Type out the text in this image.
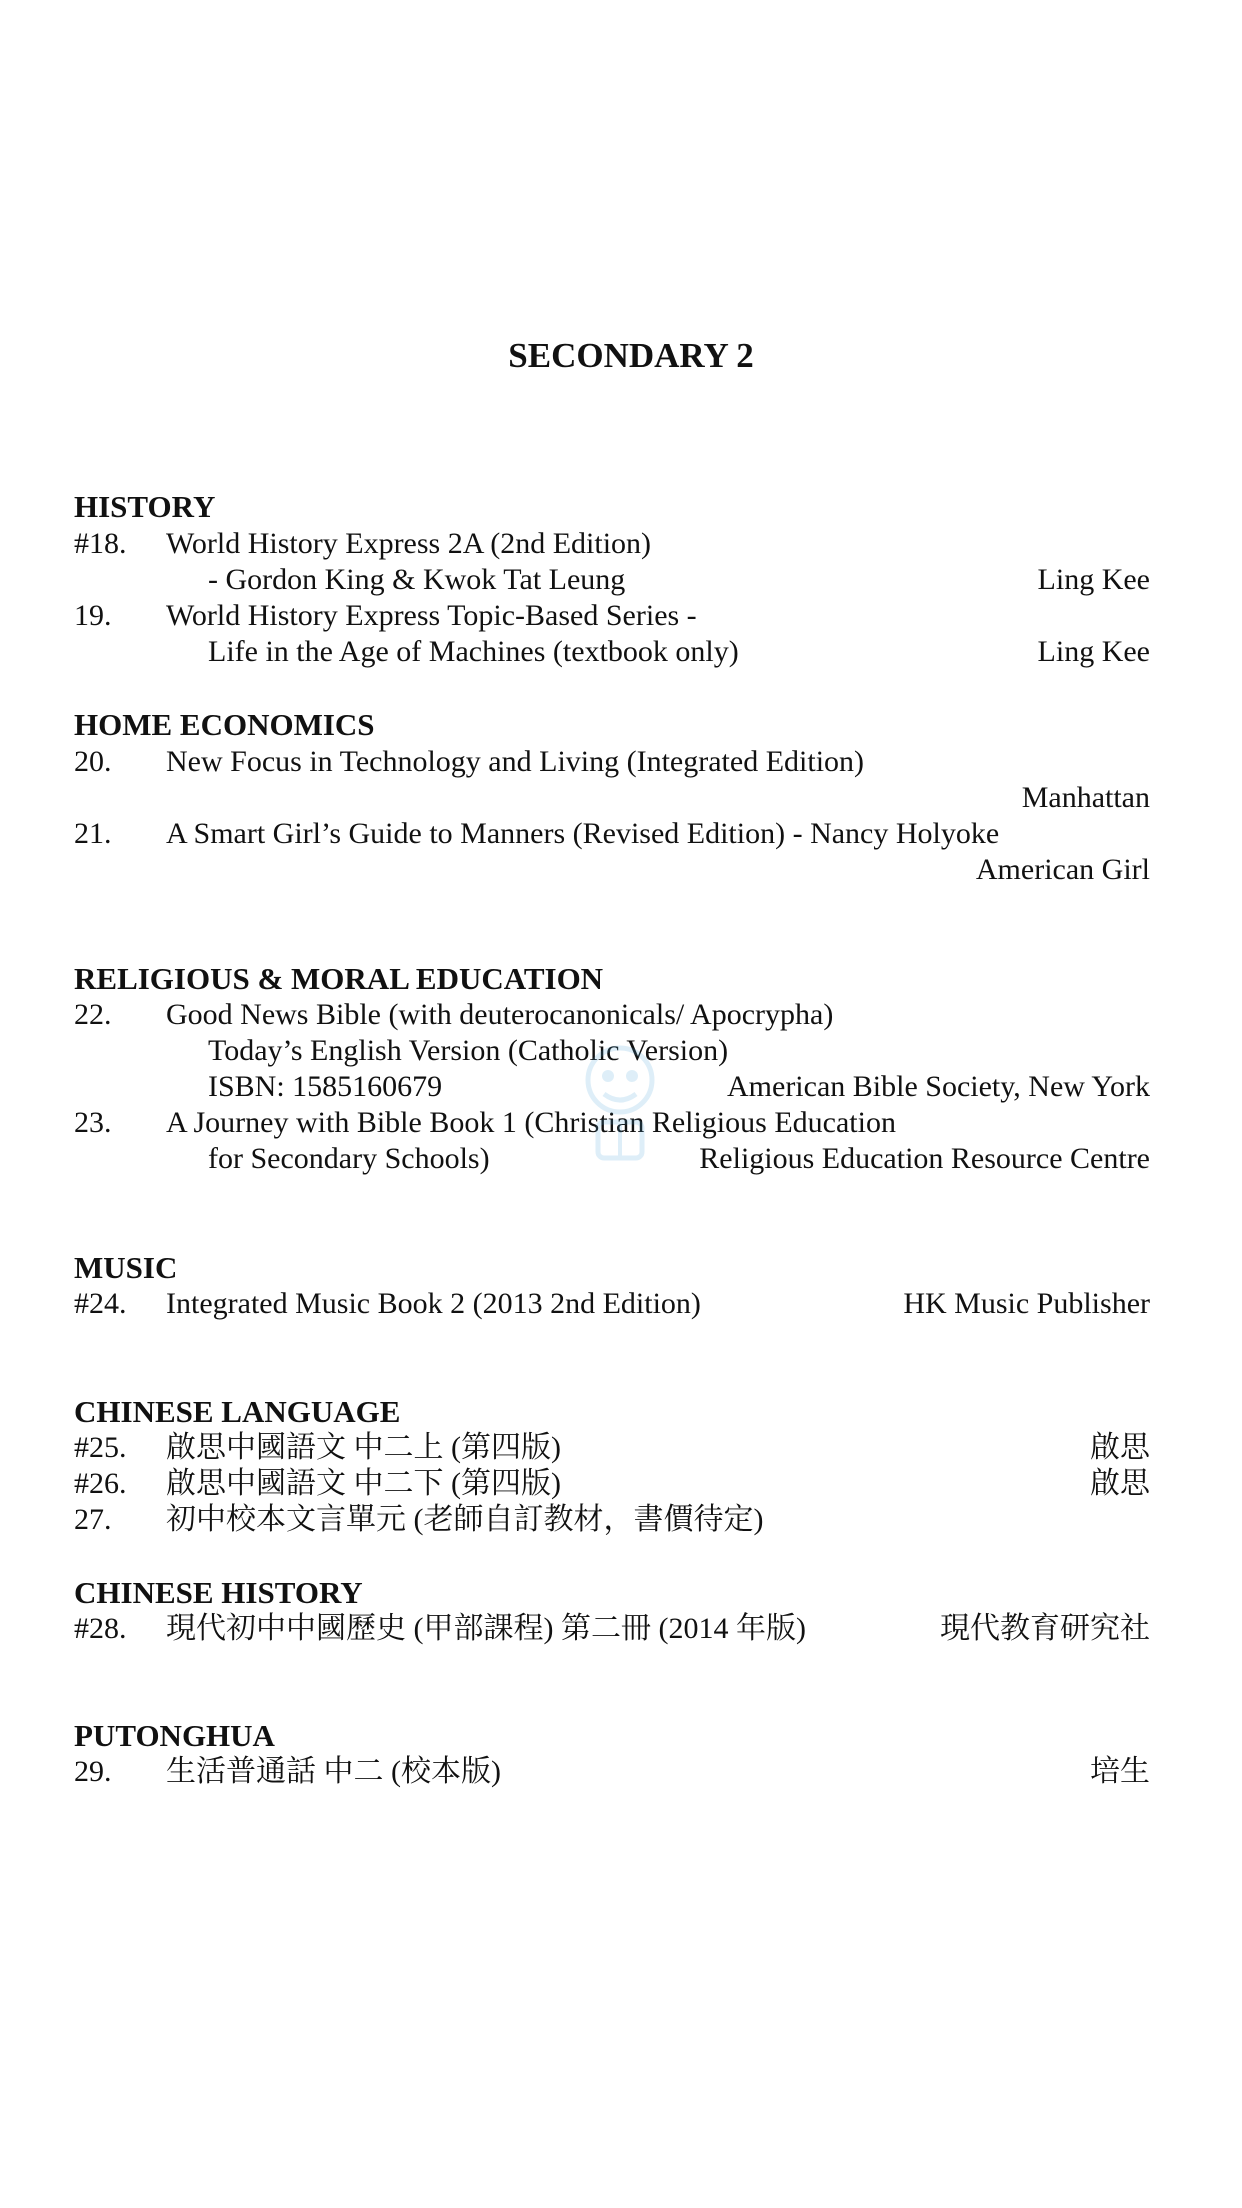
SECONDARY 2
HISTORY
#18. World History Express 2A (2nd Edition)
- Gordon King & Kwok Tat Leung	Ling Kee
19. World History Express Topic-Based Series -
Life in the Age of Machines (textbook only)	Ling Kee
HOME ECONOMICS
20. New Focus in Technology and Living (Integrated Edition)
Manhattan
21. A Smart Girl’s Guide to Manners (Revised Edition) - Nancy Holyoke
American Girl
RELIGIOUS & MORAL EDUCATION
22. Good News Bible (with deuterocanonicals/ Apocrypha)
Today’s English Version (Catholic Version)
ISBN: 1585160679	American Bible Society, New York
23. A Journey with Bible Book 1 (Christian Religious Education
for Secondary Schools)	Religious Education Resource Centre
MUSIC
#24. Integrated Music Book 2 (2013 2nd Edition)	HK Music Publisher
CHINESE LANGUAGE
#25. 啟思中國語文 中二上 (第四版)	啟思
#26. 啟思中國語文 中二下 (第四版)	啟思
27. 初中校本文言單元 (老師自訂教材，書價待定)
CHINESE HISTORY
#28. 現代初中中國歷史 (甲部課程) 第二冊 (2014 年版)	現代教育研究社
PUTONGHUA
29. 生活普通話 中二 (校本版)	培生
